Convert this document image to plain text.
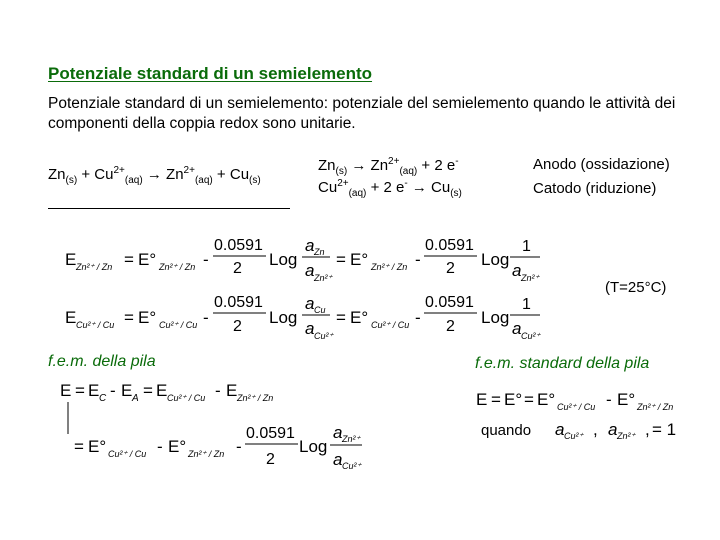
Potenziale standard di un semielemento
Potenziale standard di un semielemento: potenziale del semielemento quando le attività dei componenti della coppia redox sono unitarie.
$Zn_{(s)} + Cu^{2+}_{(aq)} \to Zn^{2+}_{(aq)} + Cu_{(s)}$
$Zn_{(s)} \to Zn^{2+}_{(aq)} + 2$ e-
$Cu^{2+}_{(aq)} + 2$ $e^- \to Cu_{(s)}$
Anodo (ossidazione)
Catodo (riduzione)
E Zn²⁺ / Zn = E° Zn²⁺ / Zn -
0.0591
2 Log
a Zn
a Zn²⁺
= E° Zn²⁺ / Zn -
0.0591
2 Log
1
a Zn²⁺
E Cu²⁺ / Cu = E° Cu²⁺ / Cu -
0.0591
2 Log
a Cu
a Cu²⁺
= E° Cu²⁺ / Cu -
0.0591
2 Log
1
a Cu²⁺
(T=25°C)
f.e.m. della pila	f.e.m. standard della pila
E = E C - E A = E Cu²⁺ / Cu - E Zn²⁺ / Zn
= E° Cu²⁺ / Cu - E° Zn²⁺ / Zn -
0.0591
2
Log
a Zn²⁺
a Cu²⁺
E = E° = E° Cu²⁺ / Cu - E° Zn²⁺ / Zn
quando a Cu²⁺ , a Zn²⁺ , = 1
